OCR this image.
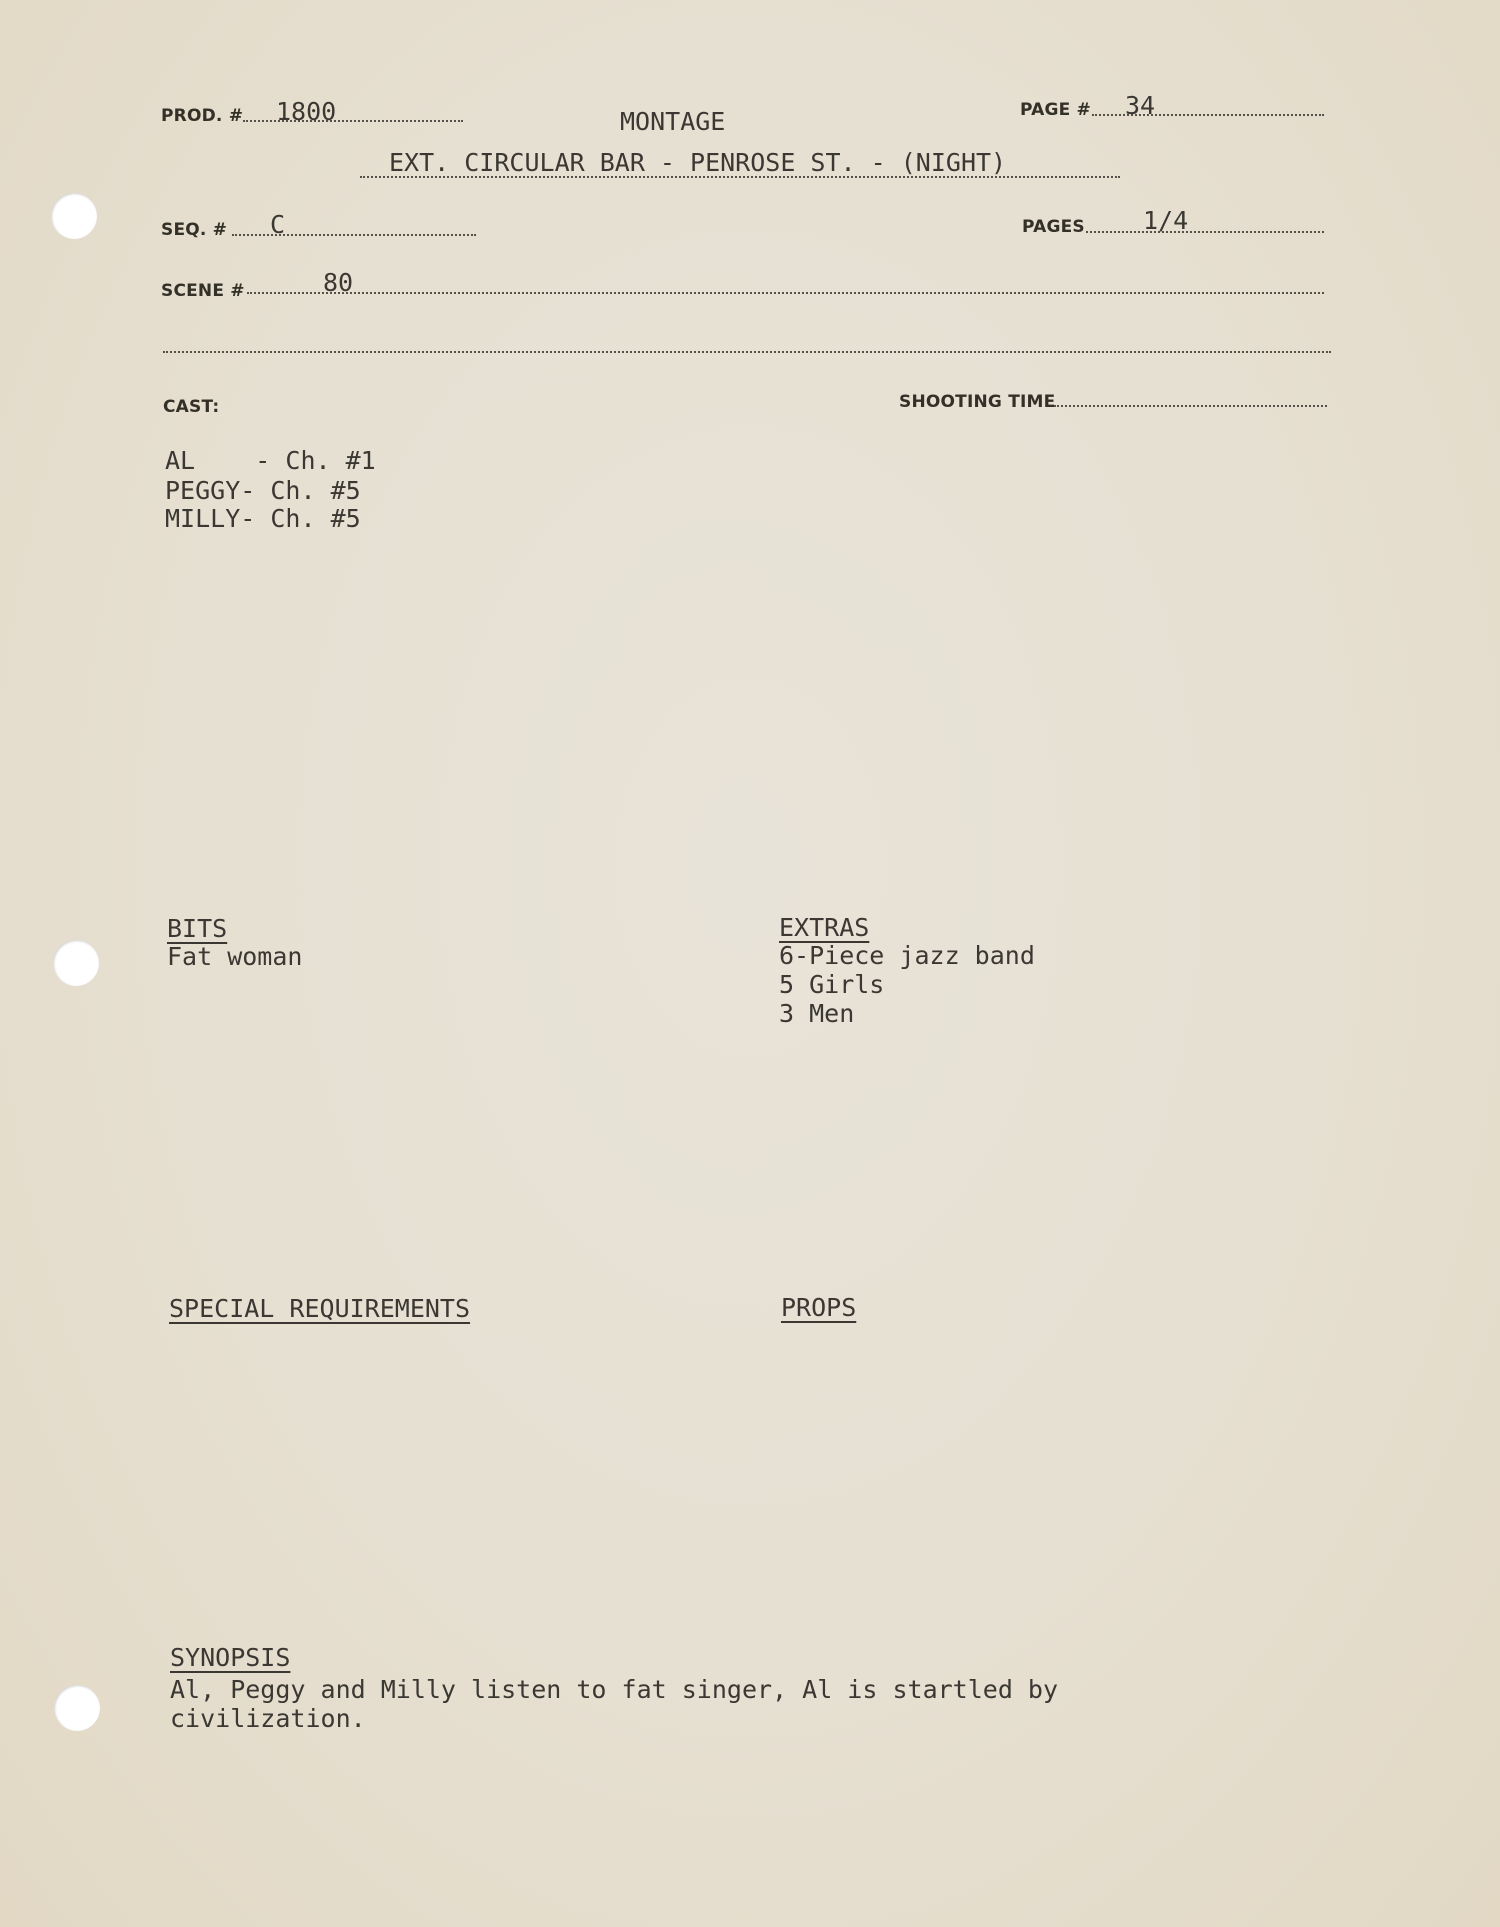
PROD. # 1800	MONTAGE	PAGE # 34
EXT. CIRCULAR BAR - PENROSE ST. - (NIGHT)
SEQ. # C	PAGES 1/4
SCENE #	80
CAST:	SHOOTING TIME
AL    - Ch. #1
PEGGY- Ch. #5
MILLY- Ch. #5
BITS
Fat woman
EXTRAS
6-Piece jazz band
5 Girls
3 Men
SPECIAL REQUIREMENTS	PROPS
SYNOPSIS
Al, Peggy and Milly listen to fat singer, Al is startled by
civilization.
